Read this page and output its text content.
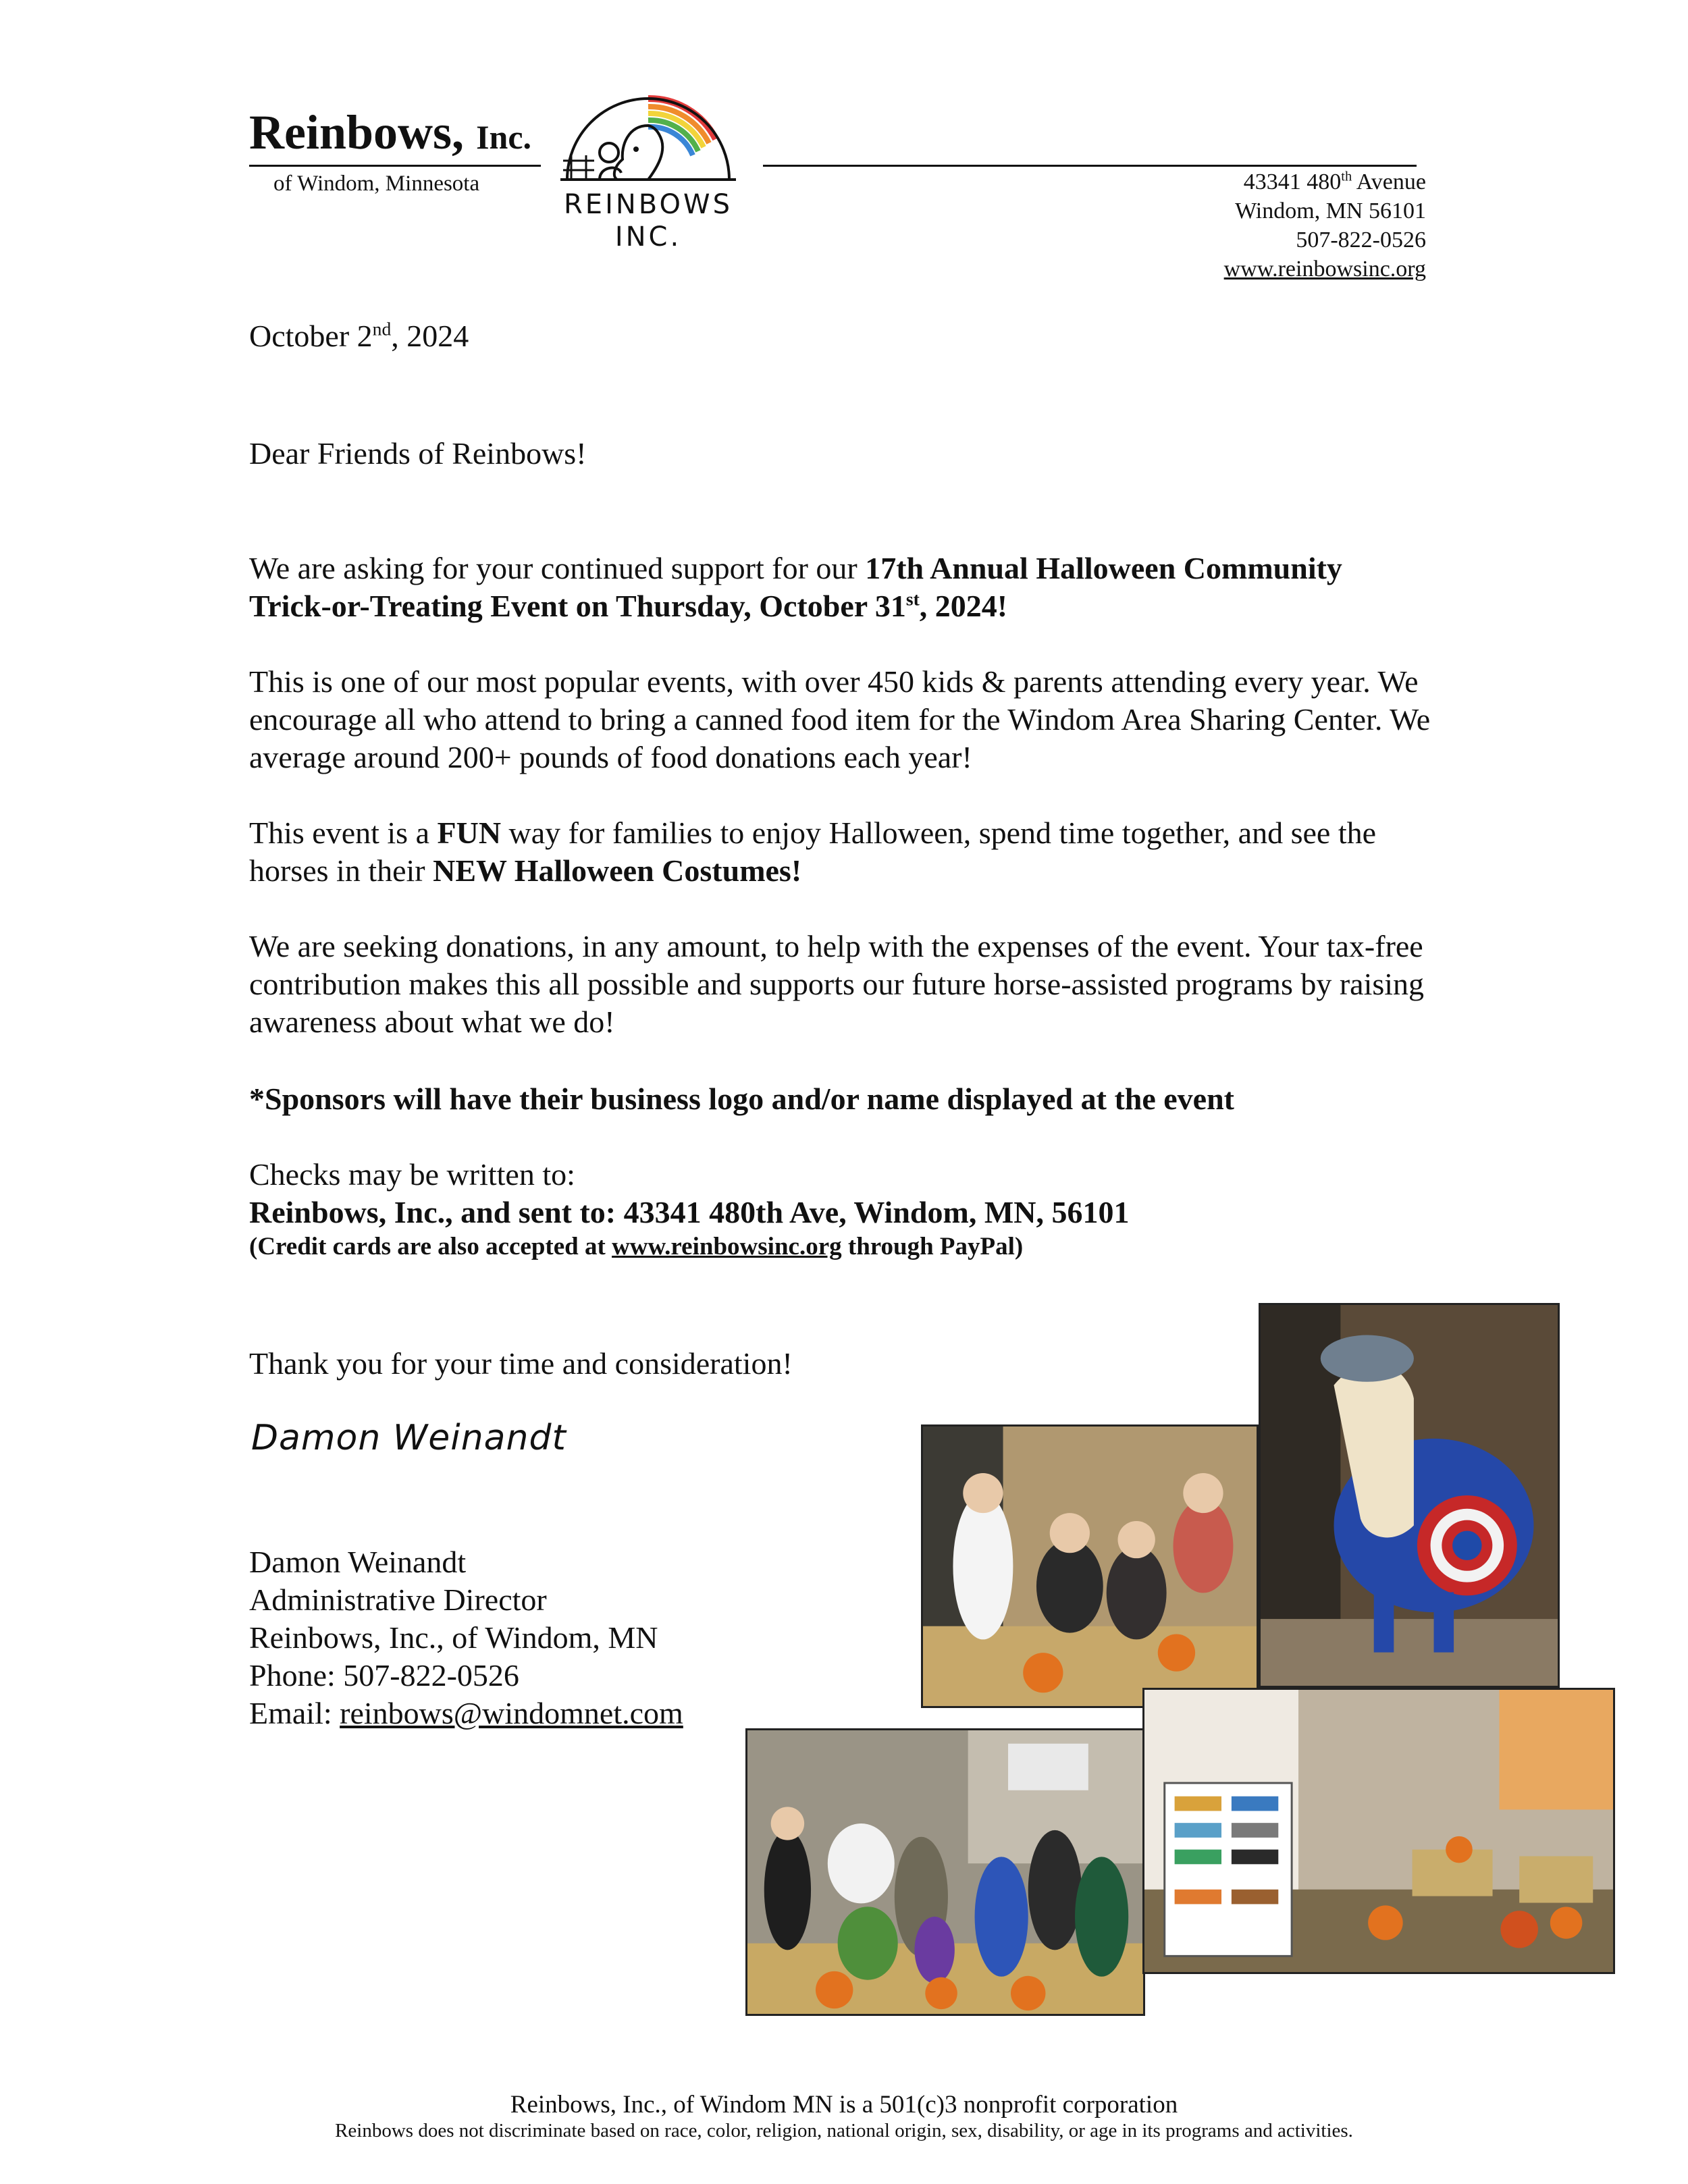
Reinbows, Inc.
of Windom, Minnesota
REINBOWS
INC.
43341 480th Avenue
Windom, MN 56101
507-822-0526
www.reinbowsinc.org
October 2nd, 2024
Dear Friends of Reinbows!
We are asking for your continued support for our 17th Annual Halloween Community Trick-or-Treating Event on Thursday, October 31st, 2024!
This is one of our most popular events, with over 450 kids & parents attending every year. We encourage all who attend to bring a canned food item for the Windom Area Sharing Center. We average around 200+ pounds of food donations each year!
This event is a FUN way for families to enjoy Halloween, spend time together, and see the horses in their NEW Halloween Costumes!
We are seeking donations, in any amount, to help with the expenses of the event. Your tax-free contribution makes this all possible and supports our future horse-assisted programs by raising awareness about what we do!
*Sponsors will have their business logo and/or name displayed at the event
Checks may be written to:
Reinbows, Inc., and sent to: 43341 480th Ave, Windom, MN, 56101
(Credit cards are also accepted at www.reinbowsinc.org through PayPal)
Thank you for your time and consideration!
Damon Weinandt
Damon Weinandt
Administrative Director
Reinbows, Inc., of Windom, MN
Phone: 507-822-0526
Email: reinbows@windomnet.com
Reinbows, Inc., of Windom MN is a 501(c)3 nonprofit corporation
Reinbows does not discriminate based on race, color, religion, national origin, sex, disability, or age in its programs and activities.
